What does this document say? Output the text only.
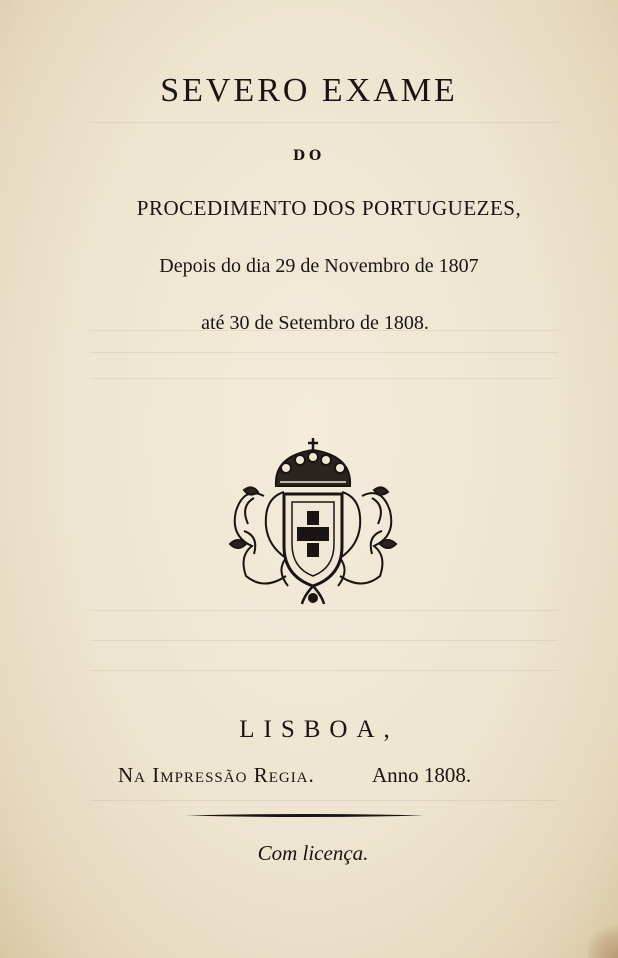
SEVERO EXAME
DO
PROCEDIMENTO DOS PORTUGUEZES,
Depois do dia 29 de Novembro de 1807
até 30 de Setembro de 1808.
LISBOA,
Na Impressão Regia.	Anno 1808.
Com licença.
